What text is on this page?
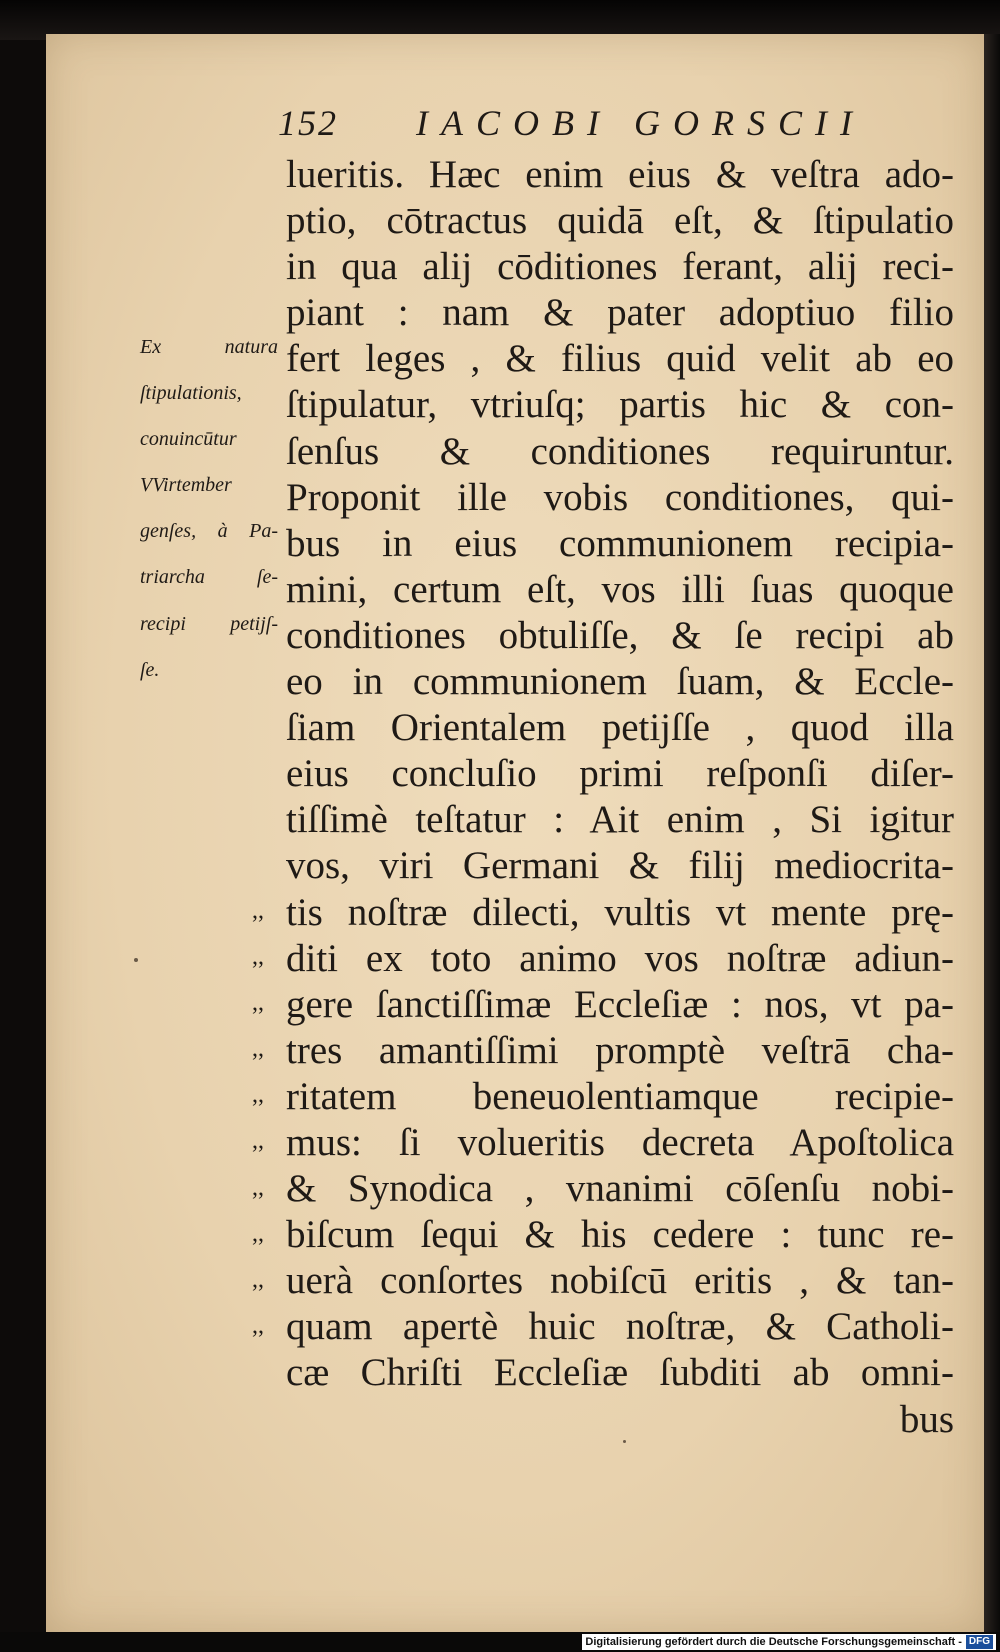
152 IACOBI GORSCII
Ex natura
ſtipulationis,
conuincūtur
VVirtember
genſes, à Pa-
triarcha ſe-
recipi petijſ-
ſe.
lueritis. Hæc enim eius & veſtra ado-
ptio, cōtractus quidā eſt, & ſtipulatio
in qua alij cōditiones ferant, alij reci-
piant : nam & pater adoptiuo filio
fert leges , & filius quid velit ab eo
ſtipulatur, vtriuſq; partis hic & con-
ſenſus & conditiones requiruntur.
Proponit ille vobis conditiones, qui-
bus in eius communionem recipia-
mini, certum eſt, vos illi ſuas quoque
conditiones obtuliſſe, & ſe recipi ab
eo in communionem ſuam, & Eccle-
ſiam Orientalem petijſſe , quod illa
eius concluſio primi reſponſi diſer-
tiſſimè teſtatur : Ait enim , Si igitur
vos, viri Germani & filij mediocrita-
tis noſtræ dilecti, vultis vt mente prę-
diti ex toto animo vos noſtræ adiun-
gere ſanctiſſimæ Eccleſiæ : nos, vt pa-
tres amantiſſimi promptè veſtrā cha-
ritatem beneuolentiamque recipie-
mus: ſi volueritis decreta Apoſtolica
& Synodica , vnanimi cōſenſu nobi-
biſcum ſequi & his cedere : tunc re-
uerà conſortes nobiſcū eritis , & tan-
quam apertè huic noſtræ, & Catholi-
cæ Chriſti Eccleſiæ ſubditi ab omni-
bus
,,
,,
,,
,,
,,
,,
,,
,,
,,
,,
Digitalisierung gefördert durch die Deutsche Forschungsgemeinschaft - DFG
